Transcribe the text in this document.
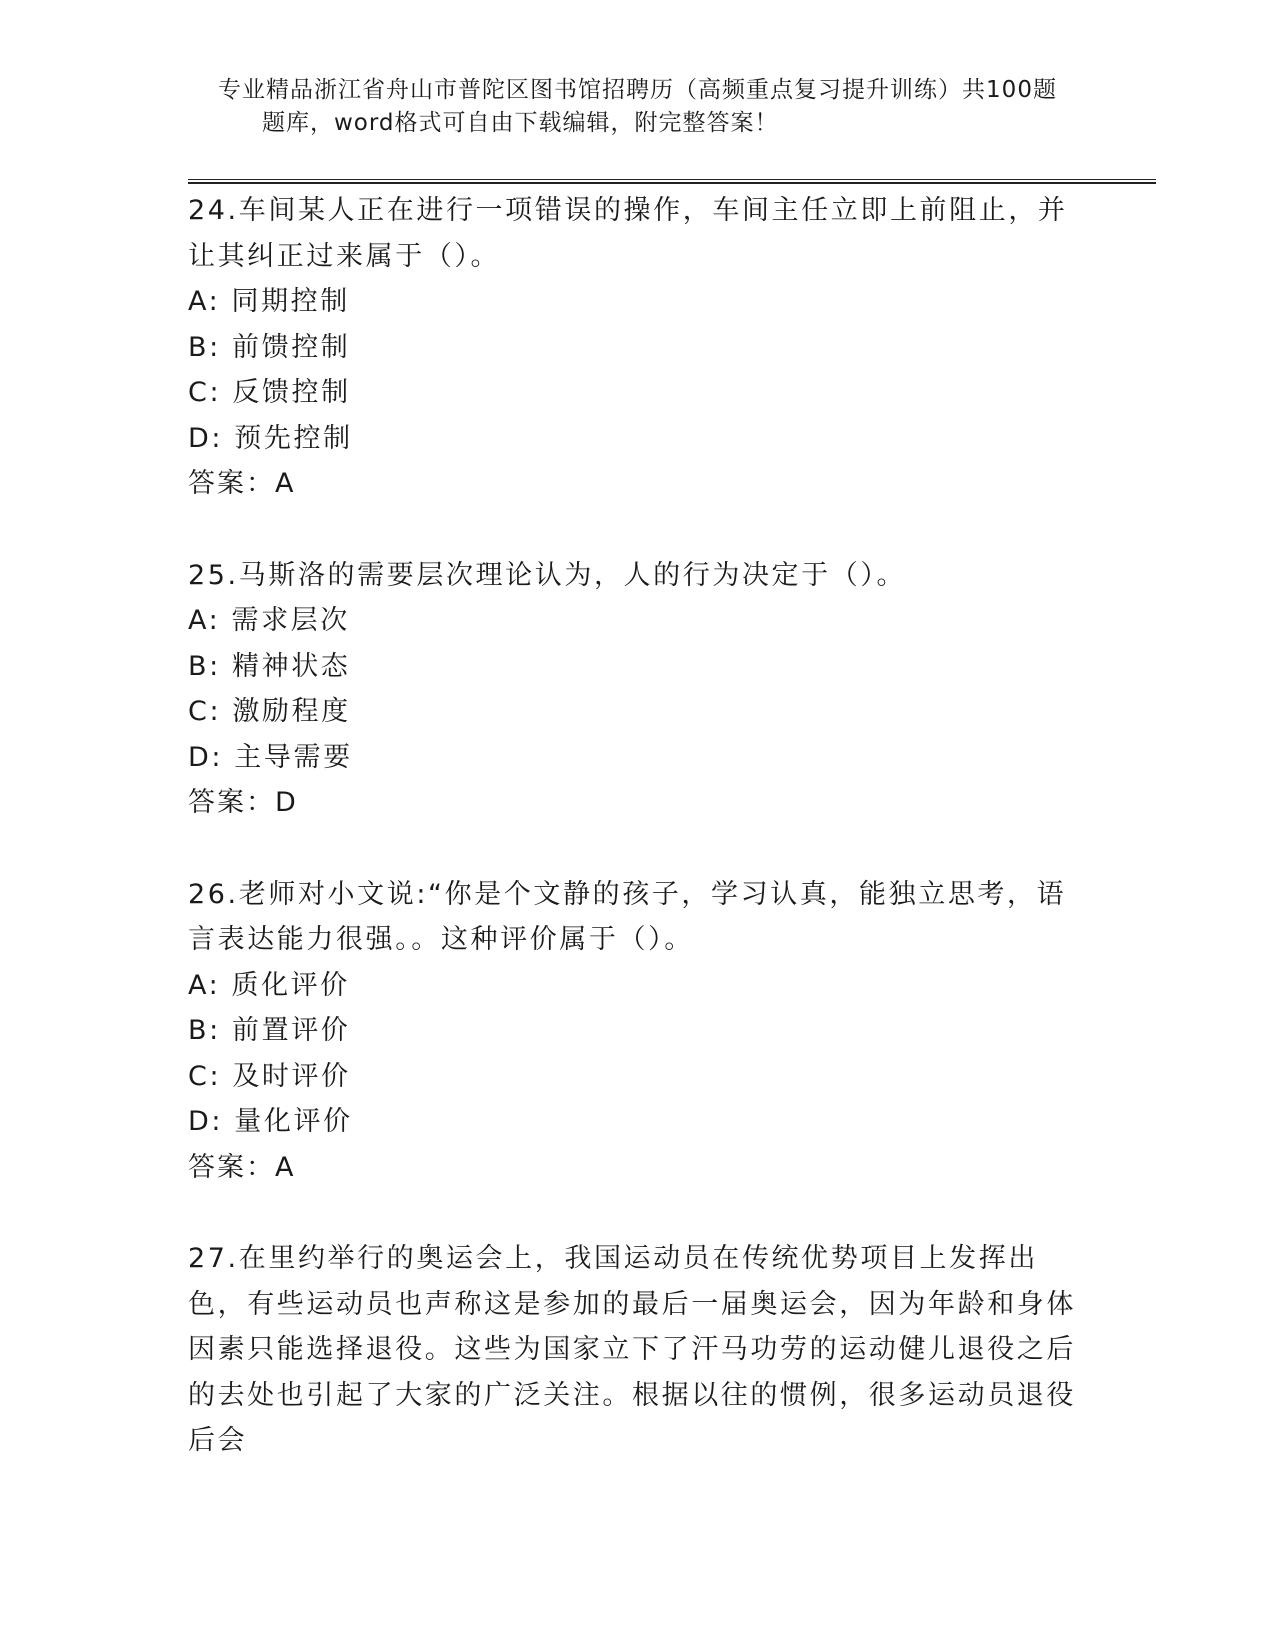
专业精品浙江省舟山市普陀区图书馆招聘历（高频重点复习提升训练）共100题
题库，word格式可自由下载编辑，附完整答案！

24.车间某人正在进行一项错误的操作，车间主任立即上前阻止，并让其纠正过来属于（）。

A: 同期控制

B: 前馈控制

C: 反馈控制

D: 预先控制

答案：A

25.马斯洛的需要层次理论认为，人的行为决定于（）。

A: 需求层次

B: 精神状态

C: 激励程度

D: 主导需要

答案：D

26.老师对小文说:“你是个文静的孩子，学习认真，能独立思考，语言表达能力很强。。这种评价属于（）。

A: 质化评价

B: 前置评价

C: 及时评价

D: 量化评价

答案：A

27.在里约举行的奥运会上，我国运动员在传统优势项目上发挥出色，有些运动员也声称这是参加的最后一届奥运会，因为年龄和身体因素只能选择退役。这些为国家立下了汗马功劳的运动健儿退役之后的去处也引起了大家的广泛关注。根据以往的惯例，很多运动员退役后会
